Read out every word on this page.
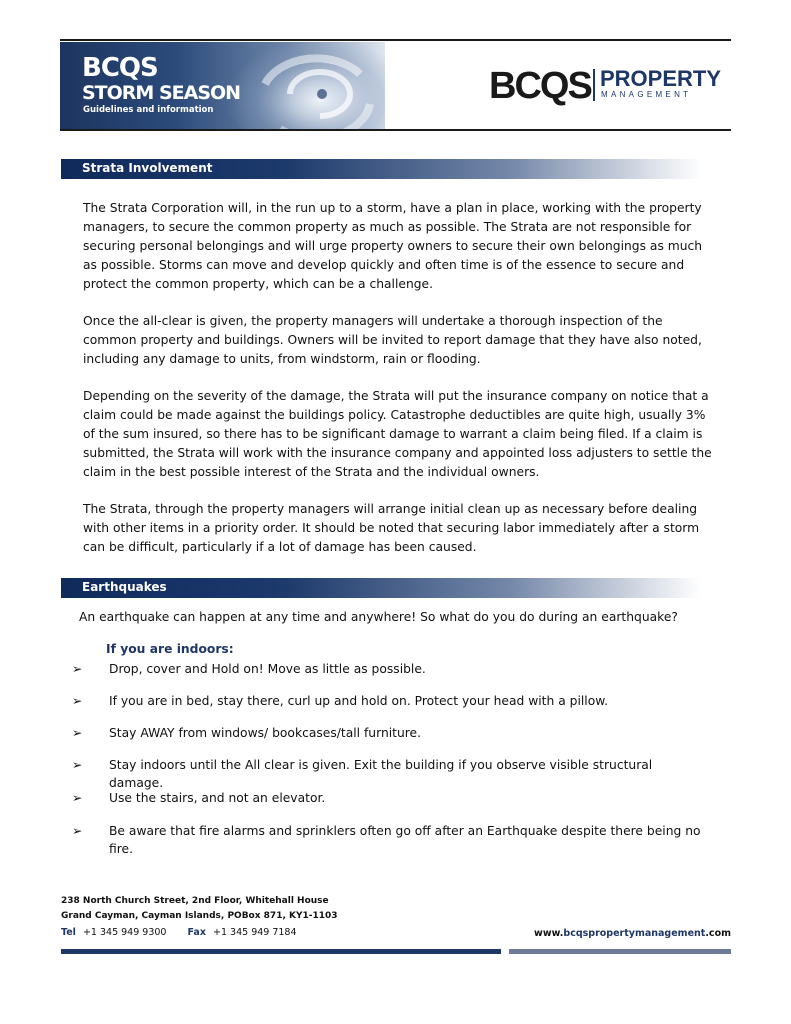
BCQS
STORM SEASON
Guidelines and information
BCQS PROPERTY
MANAGEMENT
Strata Involvement

The Strata Corporation will, in the run up to a storm, have a plan in place, working with the property managers, to secure the common property as much as possible. The Strata are not responsible for securing personal belongings and will urge property owners to secure their own belongings as much as possible. Storms can move and develop quickly and often time is of the essence to secure and protect the common property, which can be a challenge.

Once the all-clear is given, the property managers will undertake a thorough inspection of the common property and buildings. Owners will be invited to report damage that they have also noted, including any damage to units, from windstorm, rain or flooding.

Depending on the severity of the damage, the Strata will put the insurance company on notice that a claim could be made against the buildings policy. Catastrophe deductibles are quite high, usually 3% of the sum insured, so there has to be significant damage to warrant a claim being filed. If a claim is submitted, the Strata will work with the insurance company and appointed loss adjusters to settle the claim in the best possible interest of the Strata and the individual owners.

The Strata, through the property managers will arrange initial clean up as necessary before dealing with other items in a priority order. It should be noted that securing labor immediately after a storm can be difficult, particularly if a lot of damage has been caused.

Earthquakes
An earthquake can happen at any time and anywhere! So what do you do during an earthquake?
If you are indoors:
➢ Drop, cover and Hold on! Move as little as possible.
➢ If you are in bed, stay there, curl up and hold on. Protect your head with a pillow.
➢ Stay AWAY from windows/ bookcases/tall furniture.
➢ Stay indoors until the All clear is given. Exit the building if you observe visible structural damage.
➢ Use the stairs, and not an elevator.
➢ Be aware that fire alarms and sprinklers often go off after an Earthquake despite there being no fire.
238 North Church Street, 2nd Floor, Whitehall House
Grand Cayman, Cayman Islands, POBox 871, KY1-1103
Tel +1 345 949 9300 Fax +1 345 949 7184	www.bcqspropertymanagement.com
